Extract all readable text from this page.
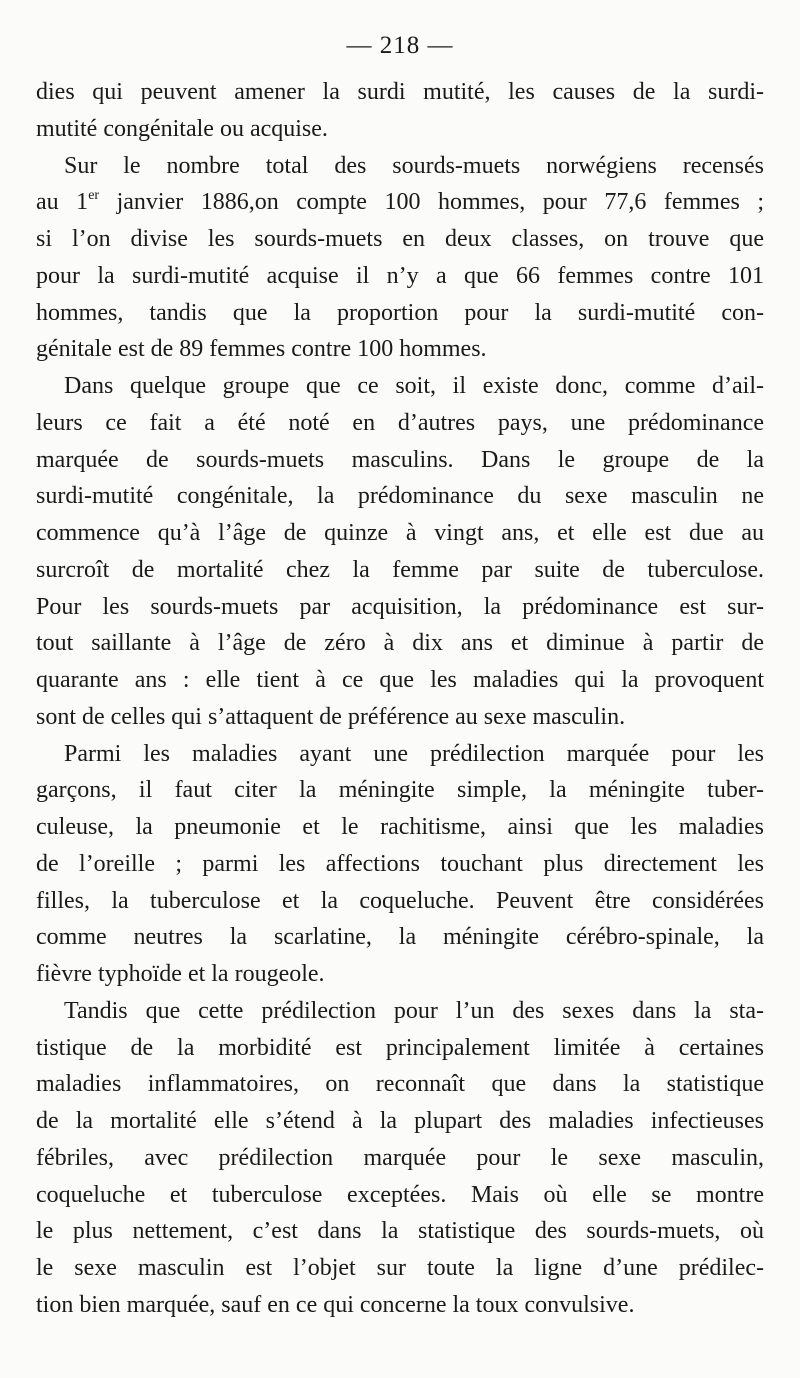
— 218 —
dies qui peuvent amener la surdi mutité, les causes de la surdi-
mutité congénitale ou acquise.
Sur le nombre total des sourds-muets norwégiens recensés
au 1er janvier 1886,on compte 100 hommes, pour 77,6 femmes ;
si l’on divise les sourds-muets en deux classes, on trouve que
pour la surdi-mutité acquise il n’y a que 66 femmes contre 101
hommes, tandis que la proportion pour la surdi-mutité con-
génitale est de 89 femmes contre 100 hommes.
Dans quelque groupe que ce soit, il existe donc, comme d’ail-
leurs ce fait a été noté en d’autres pays, une prédominance
marquée de sourds-muets masculins. Dans le groupe de la
surdi-mutité congénitale, la prédominance du sexe masculin ne
commence qu’à l’âge de quinze à vingt ans, et elle est due au
surcroît de mortalité chez la femme par suite de tuberculose.
Pour les sourds-muets par acquisition, la prédominance est sur-
tout saillante à l’âge de zéro à dix ans et diminue à partir de
quarante ans : elle tient à ce que les maladies qui la provoquent
sont de celles qui s’attaquent de préférence au sexe masculin.
Parmi les maladies ayant une prédilection marquée pour les
garçons, il faut citer la méningite simple, la méningite tuber-
culeuse, la pneumonie et le rachitisme, ainsi que les maladies
de l’oreille ; parmi les affections touchant plus directement les
filles, la tuberculose et la coqueluche. Peuvent être considérées
comme neutres la scarlatine, la méningite cérébro-spinale, la
fièvre typhoïde et la rougeole.
Tandis que cette prédilection pour l’un des sexes dans la sta-
tistique de la morbidité est principalement limitée à certaines
maladies inflammatoires, on reconnaît que dans la statistique
de la mortalité elle s’étend à la plupart des maladies infectieuses
fébriles, avec prédilection marquée pour le sexe masculin,
coqueluche et tuberculose exceptées. Mais où elle se montre
le plus nettement, c’est dans la statistique des sourds-muets, où
le sexe masculin est l’objet sur toute la ligne d’une prédilec-
tion bien marquée, sauf en ce qui concerne la toux convulsive.
